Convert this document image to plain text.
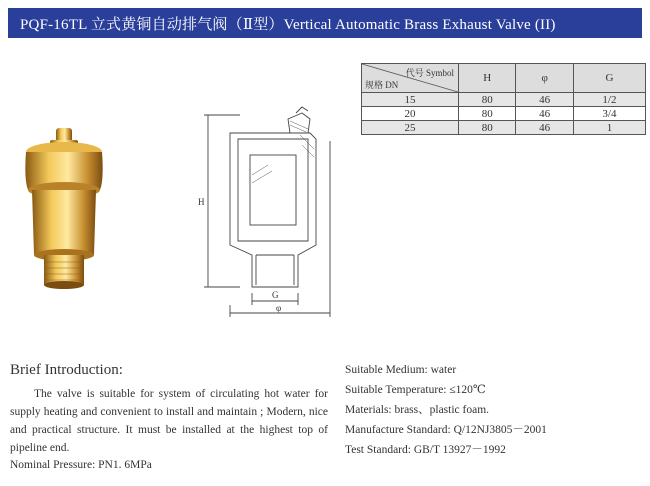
PQF-16TL 立式黄铜自动排气阀（Ⅱ型）Vertical Automatic Brass Exhaust Valve (II)
H
G
φ
代号 Symbol
规格 DN	H	φ	G
15	80	46	1/2
20	80	46	3/4
25	80	46	1
Brief Introduction:
The valve is suitable for system of circulating hot water for supply heating and convenient to install and maintain ; Modern, nice and practical structure. It must be installed at the highest top of pipeline end.
Nominal Pressure: PN1. 6MPa
Suitable Medium: water
Suitable Temperature: ≤120℃
Materials: brass、plastic foam.
Manufacture Standard: Q/12NJ3805－2001
Test Standard: GB/T 13927－1992
